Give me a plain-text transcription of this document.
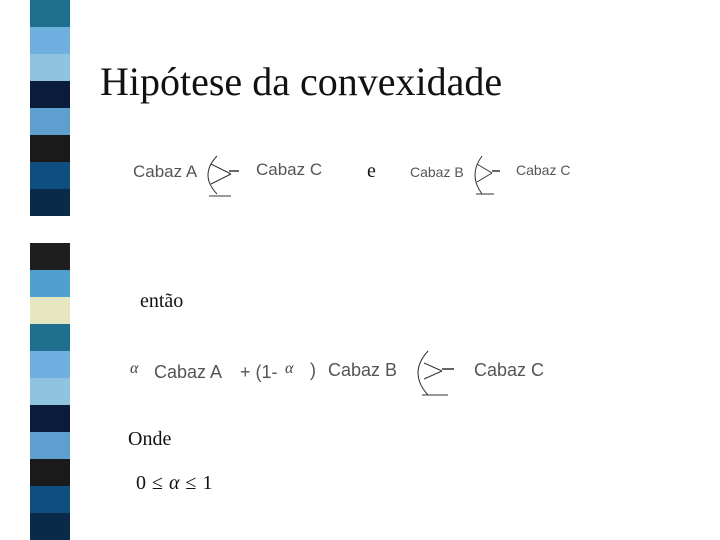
Hipótese da convexidade
Cabaz A	Cabaz C e Cabaz B	Cabaz C
então
α Cabaz A + (1- α ) Cabaz B	Cabaz C
Onde
0 ≤ α ≤ 1
